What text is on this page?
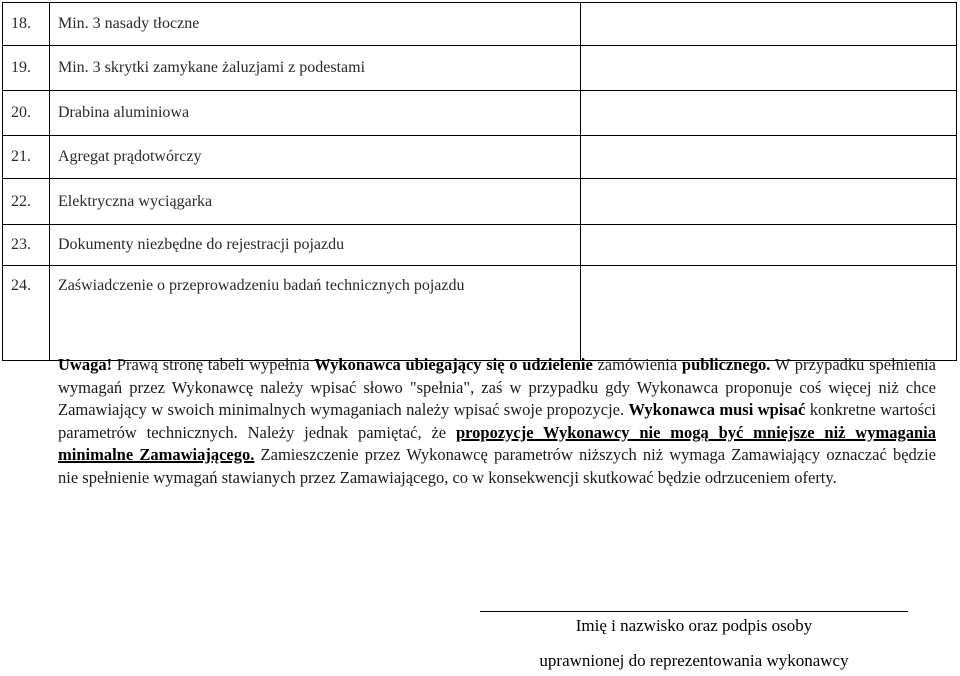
18.	Min. 3 nasady tłoczne	
19.	Min. 3 skrytki zamykane żaluzjami z podestami	
20.	Drabina aluminiowa	
21.	Agregat prądotwórczy	
22.	Elektryczna wyciągarka	
23.	Dokumenty niezbędne do rejestracji pojazdu	
24.	Zaświadczenie o przeprowadzeniu badań technicznych pojazdu	
Uwaga! Prawą stronę tabeli wypełnia Wykonawca ubiegający się o udzielenie zamówienia publicznego. W przypadku spełnienia wymagań przez Wykonawcę należy wpisać słowo "spełnia", zaś w przypadku gdy Wykonawca proponuje coś więcej niż chce Zamawiający w swoich minimalnych wymaganiach należy wpisać swoje propozycje. Wykonawca musi wpisać konkretne wartości parametrów technicznych. Należy jednak pamiętać, że propozycje Wykonawcy nie mogą być mniejsze niż wymagania minimalne Zamawiającego. Zamieszczenie przez Wykonawcę parametrów niższych niż wymaga Zamawiający oznaczać będzie nie spełnienie wymagań stawianych przez Zamawiającego, co w konsekwencji skutkować będzie odrzuceniem oferty.
Imię i nazwisko oraz podpis osoby
uprawnionej do reprezentowania wykonawcy
